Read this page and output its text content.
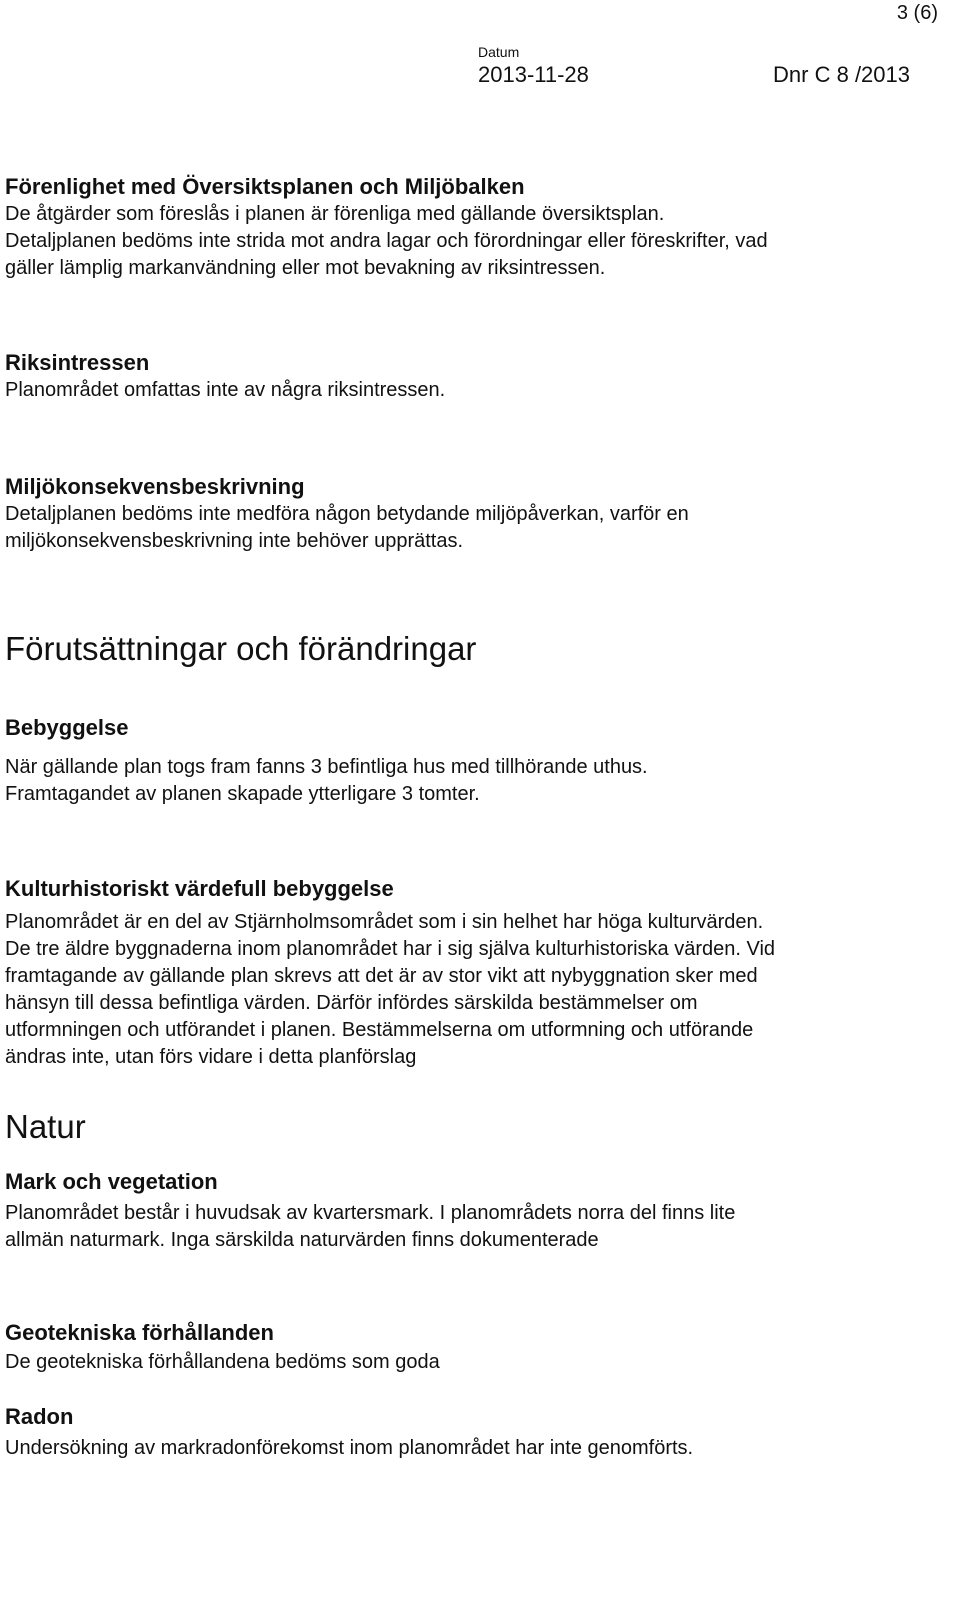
3 (6)
Datum
2013-11-28	Dnr C 8 /2013

Förenlighet med Översiktsplanen och Miljöbalken

De åtgärder som föreslås i planen är förenliga med gällande översiktsplan.
Detaljplanen bedöms inte strida mot andra lagar och förordningar eller föreskrifter, vad
gäller lämplig markanvändning eller mot bevakning av riksintressen.

Riksintressen

Planområdet omfattas inte av några riksintressen.

Miljökonsekvensbeskrivning

Detaljplanen bedöms inte medföra någon betydande miljöpåverkan, varför en
miljökonsekvensbeskrivning inte behöver upprättas.

Förutsättningar och förändringar

Bebyggelse

När gällande plan togs fram fanns 3 befintliga hus med tillhörande uthus.
Framtagandet av planen skapade ytterligare 3 tomter.

Kulturhistoriskt värdefull bebyggelse

Planområdet är en del av Stjärnholmsområdet som i sin helhet har höga kulturvärden.
De tre äldre byggnaderna inom planområdet har i sig själva kulturhistoriska värden. Vid
framtagande av gällande plan skrevs att det är av stor vikt att nybyggnation sker med
hänsyn till dessa befintliga värden. Därför infördes särskilda bestämmelser om
utformningen och utförandet i planen. Bestämmelserna om utformning och utförande
ändras inte, utan förs vidare i detta planförslag

Natur

Mark och vegetation

Planområdet består i huvudsak av kvartersmark. I planområdets norra del finns lite
allmän naturmark. Inga särskilda naturvärden finns dokumenterade

Geotekniska förhållanden

De geotekniska förhållandena bedöms som goda

Radon

Undersökning av markradonförekomst inom planområdet har inte genomförts.
